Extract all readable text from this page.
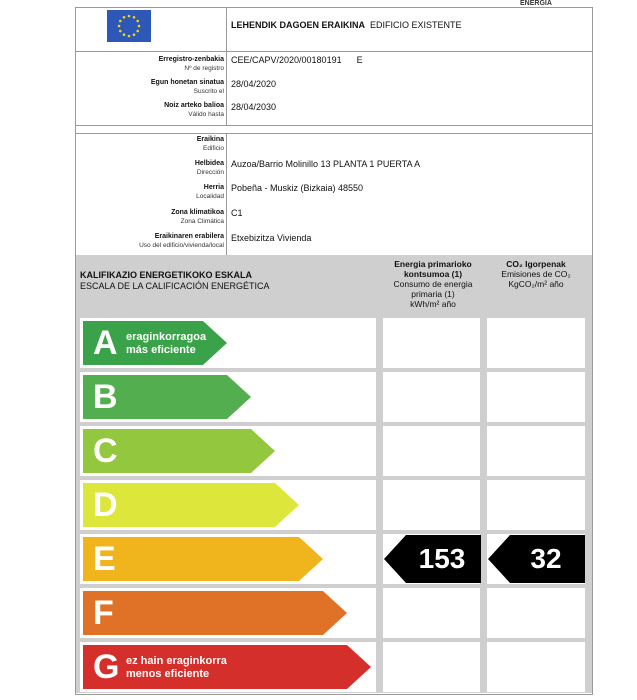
ENERGIA
LEHENDIK DAGOEN ERAIKINA EDIFICIO EXISTENTE
Erregistro-zenbakia
Nº de registro
CEE/CAPV/2020/00180191 E
Egun honetan sinatua
Suscrito el
28/04/2020
Noiz arteko balioa
Válido hasta
28/04/2030
Eraikina
Edificio
Helbidea
Dirección
Auzoa/Barrio Molinillo 13 PLANTA 1 PUERTA A
Herria
Localidad
Pobeña - Muskiz (Bizkaia) 48550
Zona klimatikoa
Zona Climática
C1
Eraikinaren erabilera
Uso del edificio/vivienda/local
Etxebizitza Vivienda
KALIFIKAZIO ENERGETIKOKO ESKALA
ESCALA DE LA CALIFICACIÓN ENERGÉTICA
Energia primarioko kontsumoa (1)
Consumo de energia primaria (1)
kWh/m² año
CO₂ Igorpenak
Emisiones de CO₂
KgCO₂/m² año
A eraginkorragoa
más eficiente
B
C
D
E	153	32
F
G ez hain eraginkorra
menos eficiente
